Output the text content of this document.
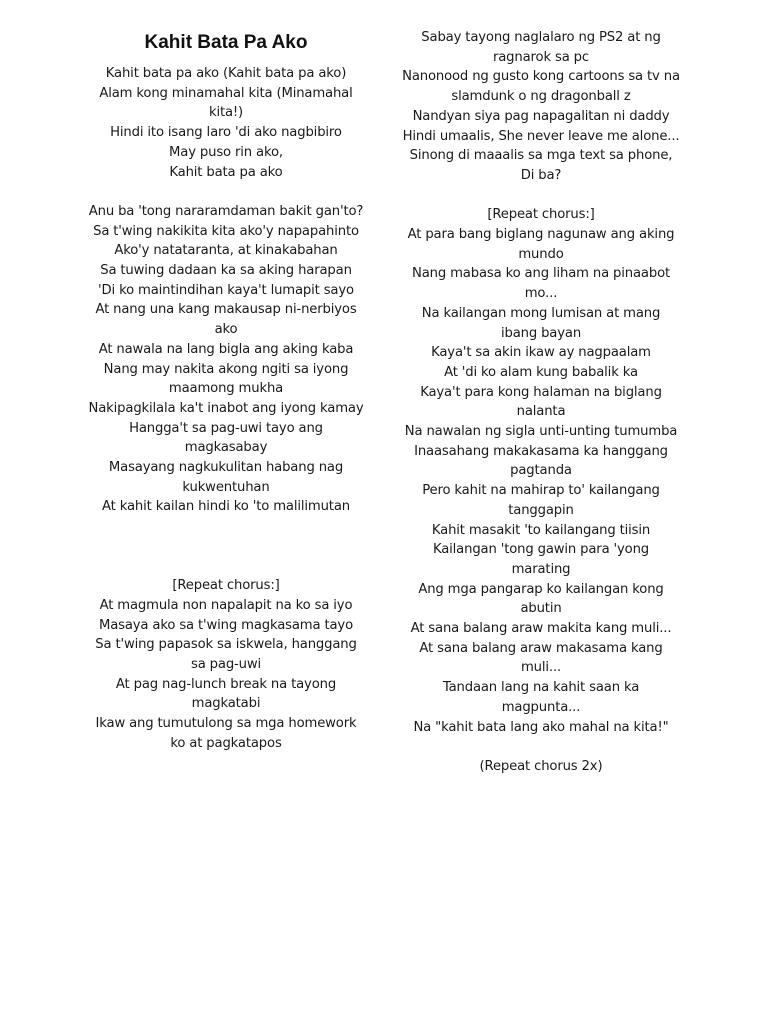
Kahit Bata Pa Ako
Kahit bata pa ako (Kahit bata pa ako)
Alam kong minamahal kita (Minamahal kita!)
Hindi ito isang laro 'di ako nagbibiro
May puso rin ako,
Kahit bata pa ako
Anu ba 'tong nararamdaman bakit gan'to?
Sa t'wing nakikita kita ako'y napapahinto
Ako'y natataranta, at kinakabahan
Sa tuwing dadaan ka sa aking harapan
'Di ko maintindihan kaya't lumapit sayo
At nang una kang makausap ni-nerbiyos ako
At nawala na lang bigla ang aking kaba
Nang may nakita akong ngiti sa iyong maamong mukha
Nakipagkilala ka't inabot ang iyong kamay
Hangga't sa pag-uwi tayo ang magkasabay
Masayang nagkukulitan habang nag kukwentuhan
At kahit kailan hindi ko 'to malilimutan
[Repeat chorus:]
At magmula non napalapit na ko sa iyo
Masaya ako sa t'wing magkasama tayo
Sa t'wing papasok sa iskwela, hanggang sa pag-uwi
At pag nag-lunch break na tayong magkatabi
Ikaw ang tumutulong sa mga homework ko at pagkatapos
Sabay tayong naglalaro ng PS2 at ng ragnarok sa pc
Nanonood ng gusto kong cartoons sa tv na slamdunk o ng dragonball z
Nandyan siya pag napagalitan ni daddy
Hindi umaalis, She never leave me alone...
Sinong di maaalis sa mga text sa phone, Di ba?
[Repeat chorus:]
At para bang biglang nagunaw ang aking mundo
Nang mabasa ko ang liham na pinaabot mo...
Na kailangan mong lumisan at mang ibang bayan
Kaya't sa akin ikaw ay nagpaalam
At 'di ko alam kung babalik ka
Kaya't para kong halaman na biglang nalanta
Na nawalan ng sigla unti-unting tumumba
Inaasahang makakasama ka hanggang pagtanda
Pero kahit na mahirap to' kailangang tanggapin
Kahit masakit 'to kailangang tiisin
Kailangan 'tong gawin para 'yong marating
Ang mga pangarap ko kailangan kong abutin
At sana balang araw makita kang muli...
At sana balang araw makasama kang muli...
Tandaan lang na kahit saan ka magpunta...
Na "kahit bata lang ako mahal na kita!"
(Repeat chorus 2x)
